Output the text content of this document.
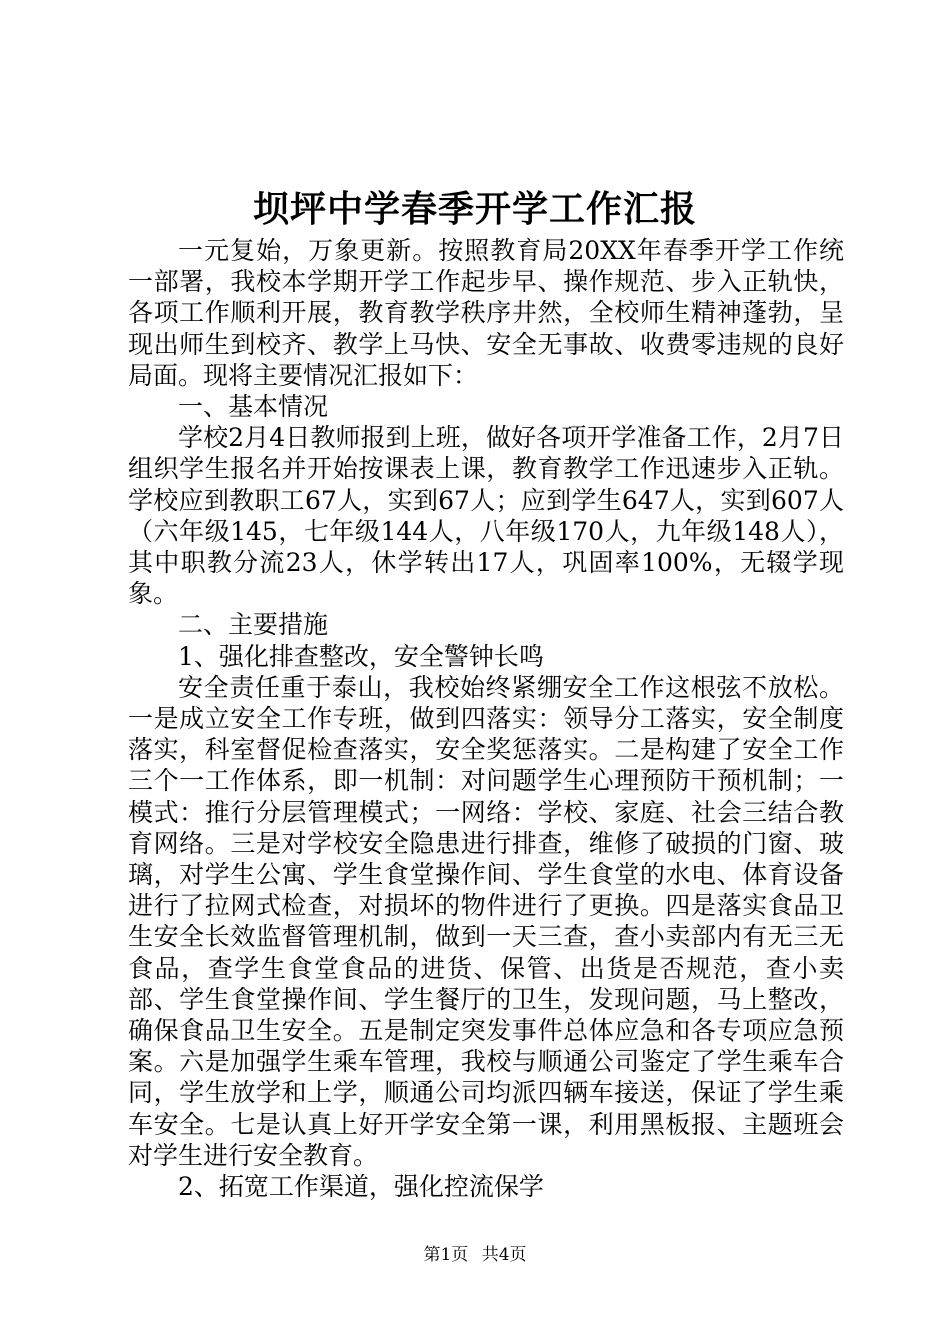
坝坪中学春季开学工作汇报

一元复始，万象更新。按照教育局20XX年春季开学工作统一部署，我校本学期开学工作起步早、操作规范、步入正轨快，各项工作顺利开展，教育教学秩序井然，全校师生精神蓬勃，呈现出师生到校齐、教学上马快、安全无事故、收费零违规的良好局面。现将主要情况汇报如下：

一、基本情况

学校2月4日教师报到上班，做好各项开学准备工作，2月7日组织学生报名并开始按课表上课，教育教学工作迅速步入正轨。学校应到教职工67人，实到67人；应到学生647人，实到607人（六年级145，七年级144人，八年级170人，九年级148人），其中职教分流23人，休学转出17人，巩固率100%，无辍学现象。

二、主要措施

1、强化排查整改，安全警钟长鸣

安全责任重于泰山，我校始终紧绷安全工作这根弦不放松。一是成立安全工作专班，做到四落实：领导分工落实，安全制度落实，科室督促检查落实，安全奖惩落实。二是构建了安全工作三个一工作体系，即一机制：对问题学生心理预防干预机制；一模式：推行分层管理模式；一网络：学校、家庭、社会三结合教育网络。三是对学校安全隐患进行排查，维修了破损的门窗、玻璃，对学生公寓、学生食堂操作间、学生食堂的水电、体育设备进行了拉网式检查，对损坏的物件进行了更换。四是落实食品卫生安全长效监督管理机制，做到一天三查，查小卖部内有无三无食品，查学生食堂食品的进货、保管、出货是否规范，查小卖部、学生食堂操作间、学生餐厅的卫生，发现问题，马上整改，确保食品卫生安全。五是制定突发事件总体应急和各专项应急预案。六是加强学生乘车管理，我校与顺通公司鉴定了学生乘车合同，学生放学和上学，顺通公司均派四辆车接送，保证了学生乘车安全。七是认真上好开学安全第一课，利用黑板报、主题班会对学生进行安全教育。

2、拓宽工作渠道，强化控流保学

第1页 共4页
